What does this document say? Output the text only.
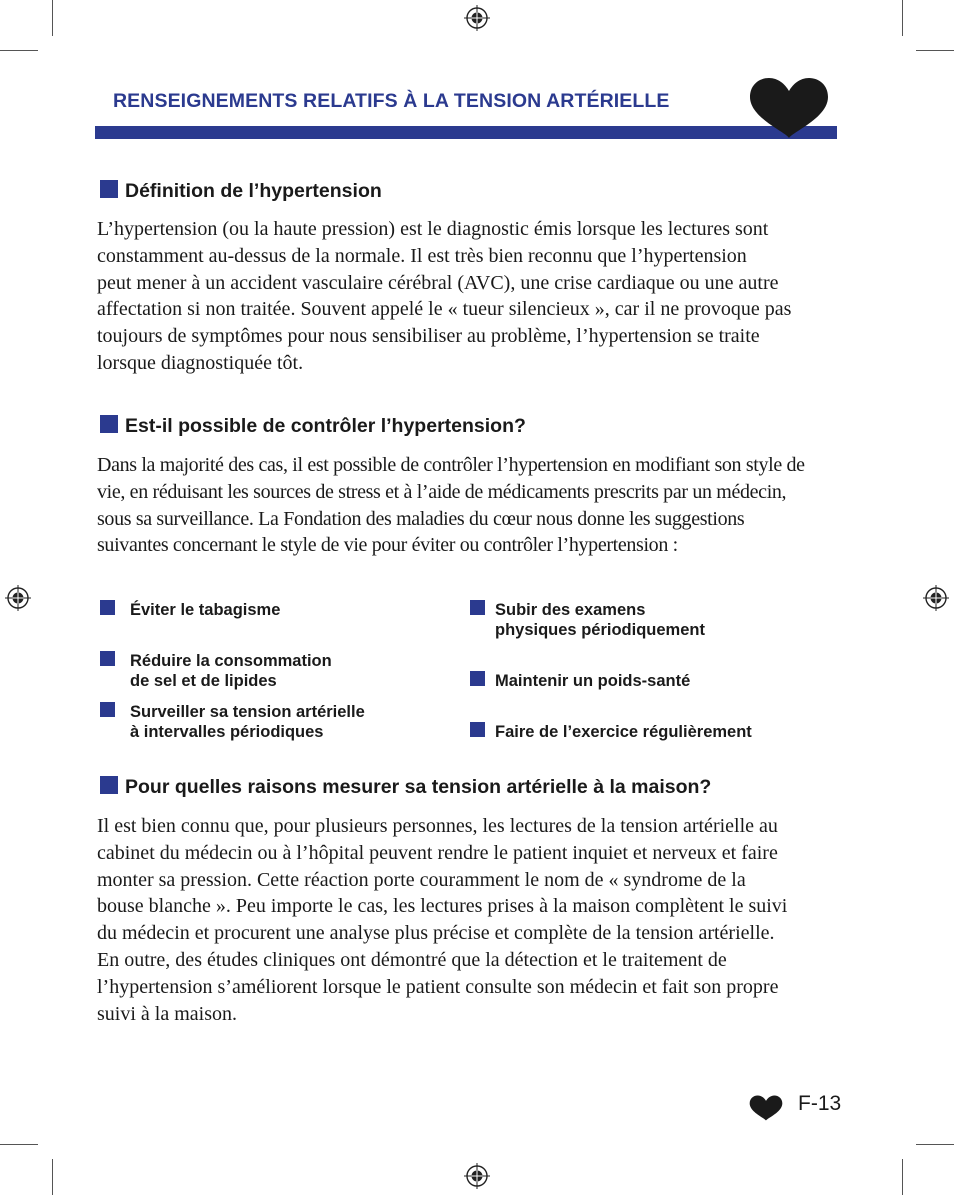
RENSEIGNEMENTS RELATIFS À LA TENSION ARTÉRIELLE
Définition de l’hypertension

L’hypertension (ou la haute pression) est le diagnostic émis lorsque les lectures sont
constamment au-dessus de la normale. Il est très bien reconnu que l’hypertension
peut mener à un accident vasculaire cérébral (AVC), une crise cardiaque ou une autre
affectation si non traitée. Souvent appelé le « tueur silencieux », car il ne provoque pas
toujours de symptômes pour nous sensibiliser au problème, l’hypertension se traite
lorsque diagnostiquée tôt.

Est-il possible de contrôler l’hypertension?

Dans la majorité des cas, il est possible de contrôler l’hypertension en modifiant son style de
vie, en réduisant les sources de stress et à l’aide de médicaments prescrits par un médecin,
sous sa surveillance. La Fondation des maladies du cœur nous donne les suggestions
suivantes concernant le style de vie pour éviter ou contrôler l’hypertension :

Éviter le tabagisme
Réduire la consommation
de sel et de lipides
Surveiller sa tension artérielle
à intervalles périodiques
Subir des examens
physiques périodiquement
Maintenir un poids-santé
Faire de l’exercice régulièrement
Pour quelles raisons mesurer sa tension artérielle à la maison?

Il est bien connu que, pour plusieurs personnes, les lectures de la tension artérielle au
cabinet du médecin ou à l’hôpital peuvent rendre le patient inquiet et nerveux et faire
monter sa pression. Cette réaction porte couramment le nom de « syndrome de la
bouse blanche ». Peu importe le cas, les lectures prises à la maison complètent le suivi
du médecin et procurent une analyse plus précise et complète de la tension artérielle.
En outre, des études cliniques ont démontré que la détection et le traitement de
l’hypertension s’améliorent lorsque le patient consulte son médecin et fait son propre
suivi à la maison.

F-13
